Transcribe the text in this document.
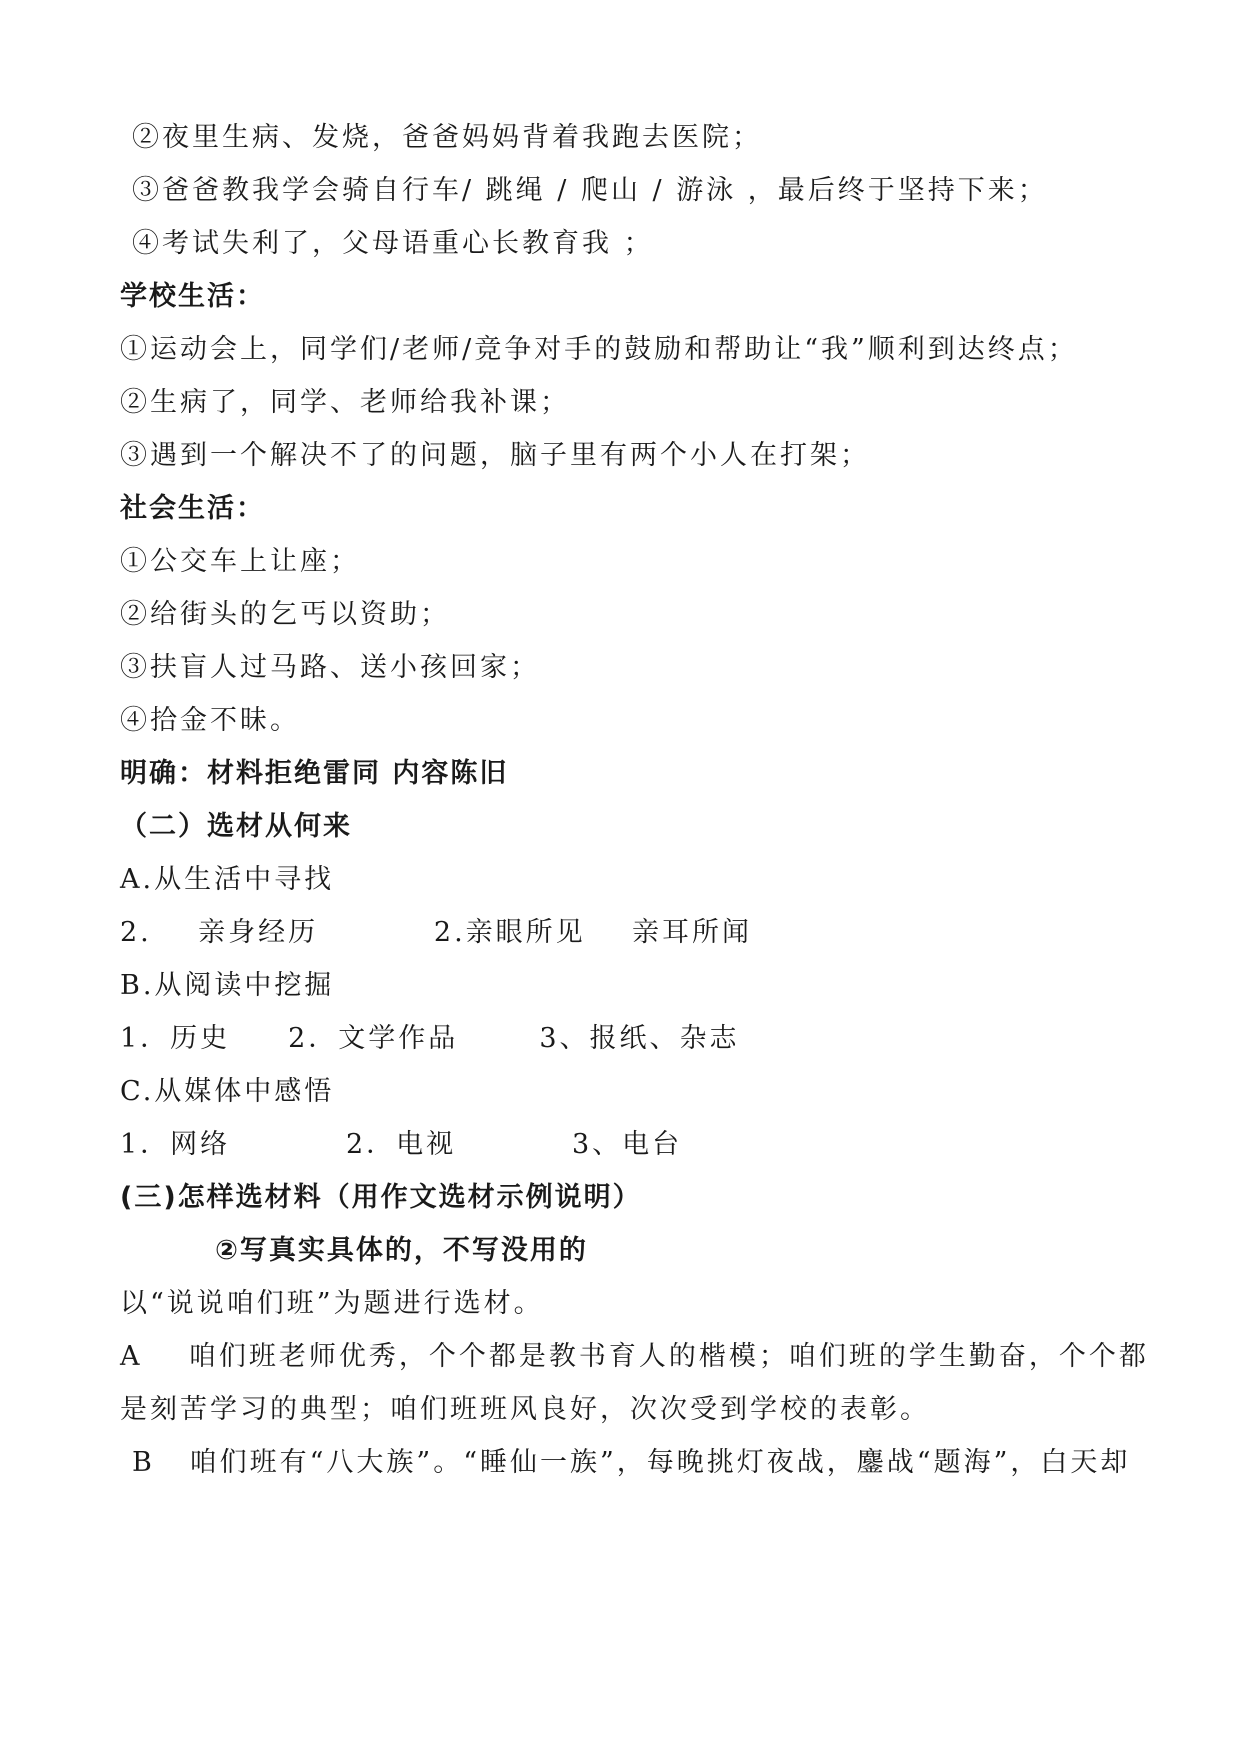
②夜里生病、发烧，爸爸妈妈背着我跑去医院；
③爸爸教我学会骑自行车/ 跳绳 / 爬山 / 游泳 ，最后终于坚持下来；
④考试失利了，父母语重心长教育我 ；
学校生活：
①运动会上，同学们/老师/竞争对手的鼓励和帮助让“我”顺利到达终点；
②生病了，同学、老师给我补课；
③遇到一个解决不了的问题，脑子里有两个小人在打架；
社会生活：
①公交车上让座；
②给街头的乞丐以资助；
③扶盲人过马路、送小孩回家；
④拾金不昧。
明确：材料拒绝雷同 内容陈旧
（二）选材从何来
A.从生活中寻找
2.    亲身经历          2.亲眼所见    亲耳所闻
B.从阅读中挖掘
1．历史     2．文学作品       3、报纸、杂志
C.从媒体中感悟
1．网络          2．电视          3、电台
(三)怎样选材料（用作文选材示例说明）
②写真实具体的，不写没用的
以“说说咱们班”为题进行选材。
A    咱们班老师优秀，个个都是教书育人的楷模；咱们班的学生勤奋，个个都
是刻苦学习的典型；咱们班班风良好，次次受到学校的表彰。
B   咱们班有“八大族”。“睡仙一族”，每晚挑灯夜战，鏖战“题海”，白天却
